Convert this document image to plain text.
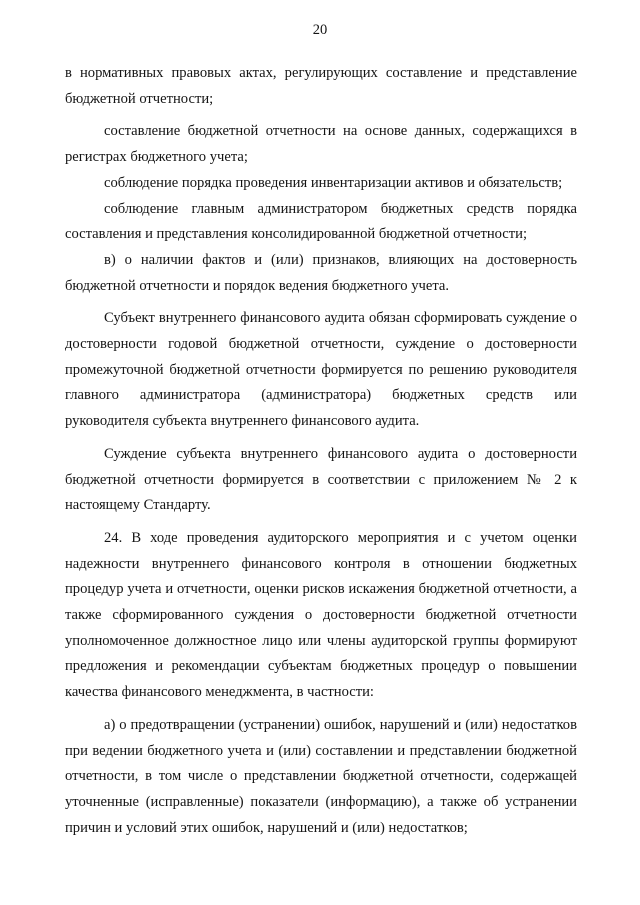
20

в нормативных правовых актах, регулирующих составление и представление бюджетной отчетности;

составление бюджетной отчетности на основе данных, содержащихся в регистрах бюджетного учета;

соблюдение порядка проведения инвентаризации активов и обязательств;

соблюдение главным администратором бюджетных средств порядка составления и представления консолидированной бюджетной отчетности;

в) о наличии фактов и (или) признаков, влияющих на достоверность бюджетной отчетности и порядок ведения бюджетного учета.

Субъект внутреннего финансового аудита обязан сформировать суждение о достоверности годовой бюджетной отчетности, суждение о достоверности промежуточной бюджетной отчетности формируется по решению руководителя главного администратора (администратора) бюджетных средств или руководителя субъекта внутреннего финансового аудита.

Суждение субъекта внутреннего финансового аудита о достоверности бюджетной отчетности формируется в соответствии с приложением № 2 к настоящему Стандарту.

24. В ходе проведения аудиторского мероприятия и с учетом оценки надежности внутреннего финансового контроля в отношении бюджетных процедур учета и отчетности, оценки рисков искажения бюджетной отчетности, а также сформированного суждения о достоверности бюджетной отчетности уполномоченное должностное лицо или члены аудиторской группы формируют предложения и рекомендации субъектам бюджетных процедур о повышении качества финансового менеджмента, в частности:

а) о предотвращении (устранении) ошибок, нарушений и (или) недостатков при ведении бюджетного учета и (или) составлении и представлении бюджетной отчетности, в том числе о представлении бюджетной отчетности, содержащей уточненные (исправленные) показатели (информацию), а также об устранении причин и условий этих ошибок, нарушений и (или) недостатков;
